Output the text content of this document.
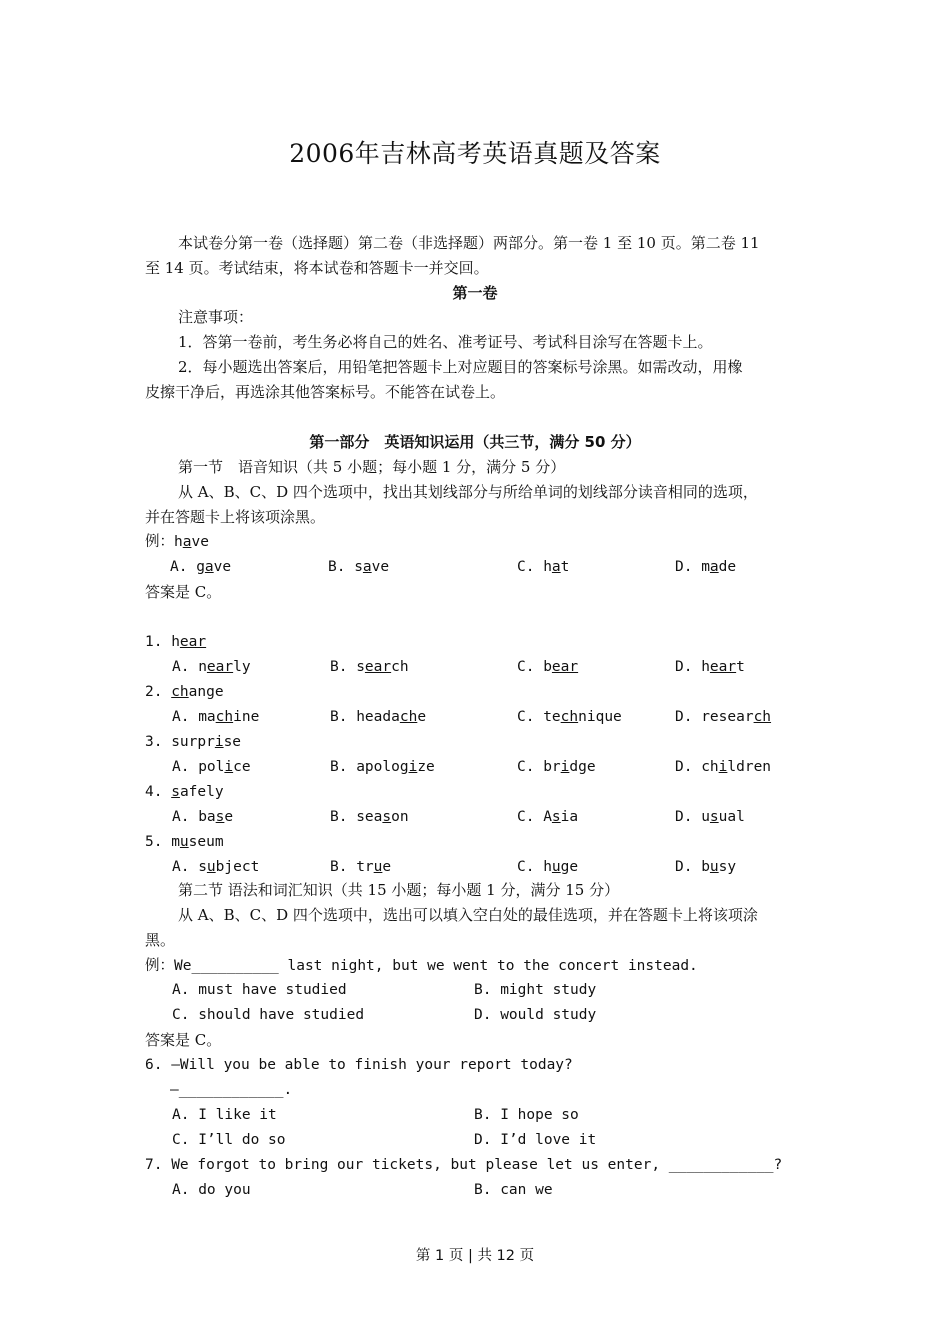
2006年吉林高考英语真题及答案
本试卷分第一卷（选择题）第二卷（非选择题）两部分。第一卷 1 至 10 页。第二卷 11
至 14 页。考试结束，将本试卷和答题卡一并交回。
第一卷
注意事项：
1．答第一卷前，考生务必将自己的姓名、准考证号、考试科目涂写在答题卡上。
2．每小题选出答案后，用铅笔把答题卡上对应题目的答案标号涂黑。如需改动，用橡
皮擦干净后，再选涂其他答案标号。不能答在试卷上。
第一部分　英语知识运用（共三节，满分 50 分）
第一节　语音知识（共 5 小题；每小题 1 分，满分 5 分）
从 A、B、C、D 四个选项中，找出其划线部分与所给单词的划线部分读音相同的选项，
并在答题卡上将该项涂黑。
例：have
A. gave	B. save	C. hat	D. made
答案是 C。
1. hear
A. nearly	B. search	C. bear	D. heart
2. change
A. machine	B. headache	C. technique	D. research
3. surprise
A. police	B. apologize	C. bridge	D. children
4. safely
A. base	B. season	C. Asia	D. usual
5. museum
A. subject	B. true	C. huge	D. busy
第二节 语法和词汇知识（共 15 小题；每小题 1 分，满分 15 分）
从 A、B、C、D 四个选项中，选出可以填入空白处的最佳选项，并在答题卡上将该项涂
黑。
例：We__________ last night, but we went to the concert instead.
A. must have studied	B. might study
C. should have studied	D. would study
答案是 C。
6. —Will you be able to finish your report today?
—____________.
A. I like it	B. I hope so
C. I’ll do so	D. I’d love it
7. We forgot to bring our tickets, but please let us enter, ____________?
A. do you	B. can we
第 1 页 | 共 12 页
